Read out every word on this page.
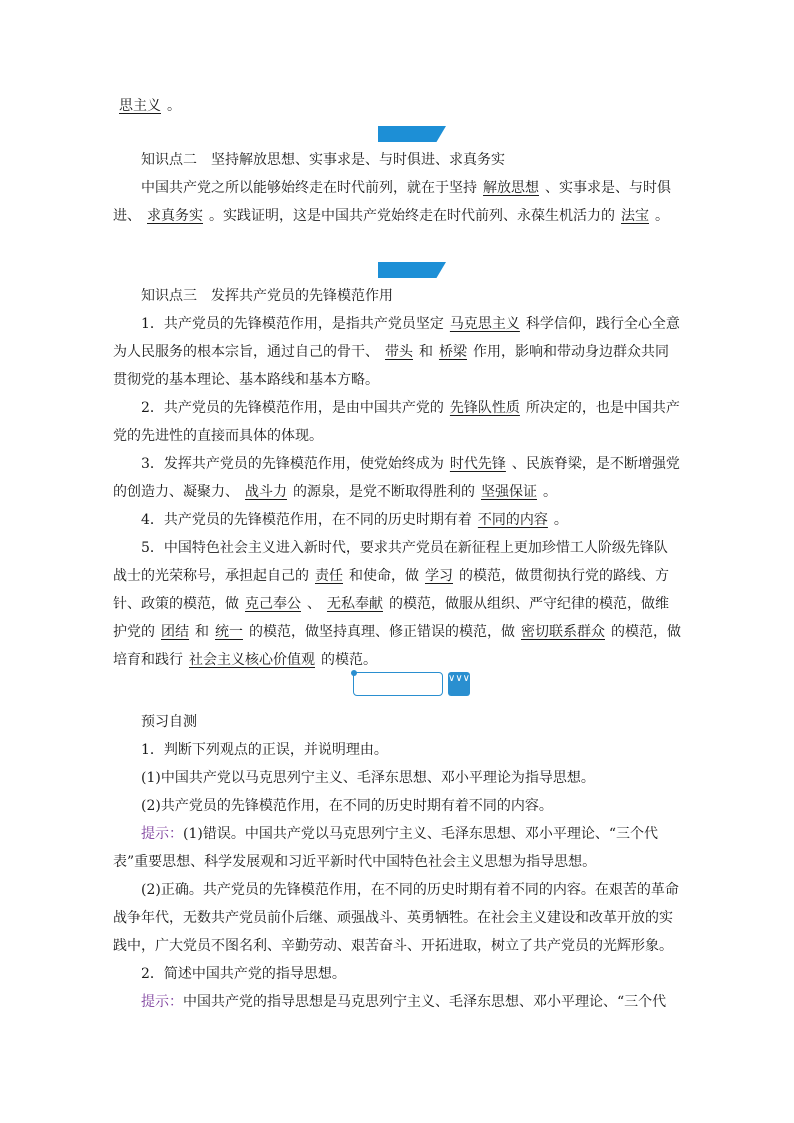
思主义 。

知识点二　坚持解放思想、实事求是、与时俱进、求真务实

中国共产党之所以能够始终走在时代前列，就在于坚持 解放思想 、实事求是、与时俱进、 求真务实 。实践证明，这是中国共产党始终走在时代前列、永葆生机活力的 法宝 。

知识点三　发挥共产党员的先锋模范作用

1．共产党员的先锋模范作用，是指共产党员坚定 马克思主义 科学信仰，践行全心全意为人民服务的根本宗旨，通过自己的骨干、 带头 和 桥梁 作用，影响和带动身边群众共同贯彻党的基本理论、基本路线和基本方略。

2．共产党员的先锋模范作用，是由中国共产党的 先锋队性质 所决定的，也是中国共产党的先进性的直接而具体的体现。

3．发挥共产党员的先锋模范作用，使党始终成为 时代先锋 、民族脊梁，是不断增强党的创造力、凝聚力、 战斗力 的源泉，是党不断取得胜利的 坚强保证 。

4．共产党员的先锋模范作用，在不同的历史时期有着 不同的内容 。

5．中国特色社会主义进入新时代，要求共产党员在新征程上更加珍惜工人阶级先锋队战士的光荣称号，承担起自己的 责任 和使命，做 学习 的模范，做贯彻执行党的路线、方针、政策的模范，做 克己奉公 、 无私奉献 的模范，做服从组织、严守纪律的模范，做维护党的 团结 和 统一 的模范，做坚持真理、修正错误的模范，做 密切联系群众 的模范，做培育和践行 社会主义核心价值观 的模范。

∨∨∨

预习自测

1．判断下列观点的正误，并说明理由。

(1)中国共产党以马克思列宁主义、毛泽东思想、邓小平理论为指导思想。

(2)共产党员的先锋模范作用，在不同的历史时期有着不同的内容。

提示：(1)错误。中国共产党以马克思列宁主义、毛泽东思想、邓小平理论、“三个代表”重要思想、科学发展观和习近平新时代中国特色社会主义思想为指导思想。

(2)正确。共产党员的先锋模范作用，在不同的历史时期有着不同的内容。在艰苦的革命战争年代，无数共产党员前仆后继、顽强战斗、英勇牺牲。在社会主义建设和改革开放的实践中，广大党员不图名利、辛勤劳动、艰苦奋斗、开拓进取，树立了共产党员的光辉形象。

2．简述中国共产党的指导思想。

提示：中国共产党的指导思想是马克思列宁主义、毛泽东思想、邓小平理论、“三个代
